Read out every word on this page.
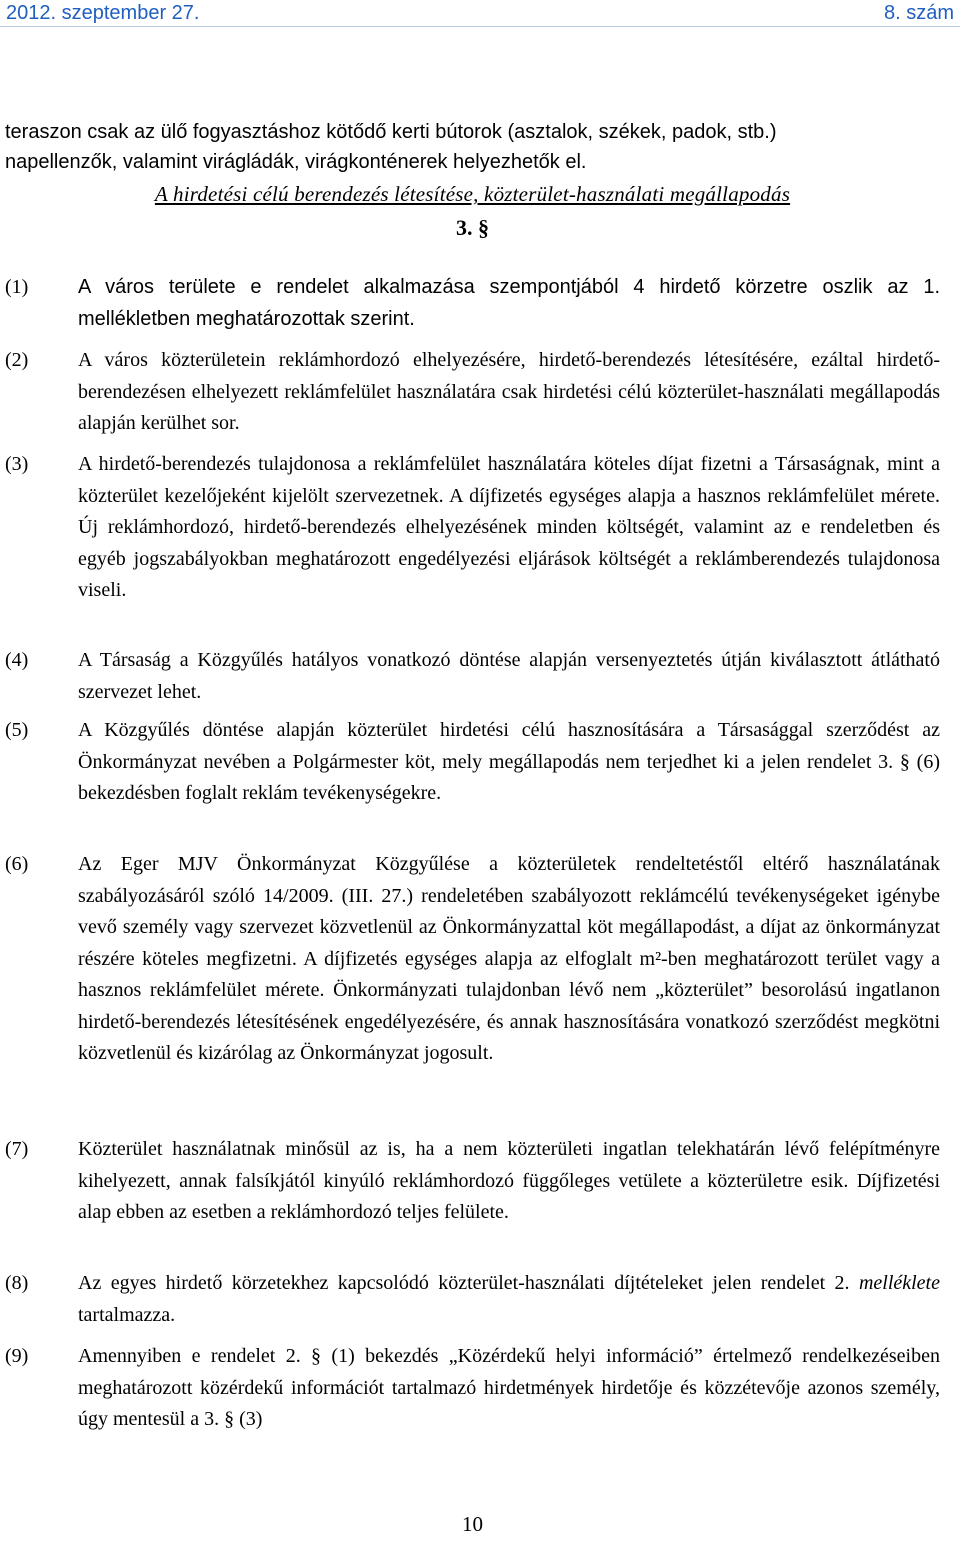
2012. szeptember 27.	8. szám
teraszon csak az ülő fogyasztáshoz kötődő kerti bútorok (asztalok, székek, padok, stb.)
napellenzők, valamint virágládák, virágkonténerek helyezhetők el.
A hirdetési célú berendezés létesítése, közterület-használati megállapodás
3. §
(1)	A város területe e rendelet alkalmazása szempontjából 4 hirdető körzetre oszlik az 1. mellékletben meghatározottak szerint.
(2)	A város közterületein reklámhordozó elhelyezésére, hirdető-berendezés létesítésére, ezáltal hirdető-berendezésen elhelyezett reklámfelület használatára csak hirdetési célú közterület-használati megállapodás alapján kerülhet sor.
(3)	A hirdető-berendezés tulajdonosa a reklámfelület használatára köteles díjat fizetni a Társaságnak, mint a közterület kezelőjeként kijelölt szervezetnek. A díjfizetés egységes alapja a hasznos reklámfelület mérete. Új reklámhordozó, hirdető-berendezés elhelyezésének minden költségét, valamint az e rendeletben és egyéb jogszabályokban meghatározott engedélyezési eljárások költségét a reklámberendezés tulajdonosa viseli.
(4)	A Társaság a Közgyűlés hatályos vonatkozó döntése alapján versenyeztetés útján kiválasztott átlátható szervezet lehet.
(5)	A Közgyűlés döntése alapján közterület hirdetési célú hasznosítására a Társasággal szerződést az Önkormányzat nevében a Polgármester köt, mely megállapodás nem terjedhet ki a jelen rendelet 3. § (6) bekezdésben foglalt reklám tevékenységekre.
(6)	Az Eger MJV Önkormányzat Közgyűlése a közterületek rendeltetéstől eltérő használatának szabályozásáról szóló 14/2009. (III. 27.) rendeletében szabályozott reklámcélú tevékenységeket igénybe vevő személy vagy szervezet közvetlenül az Önkormányzattal köt megállapodást, a díjat az önkormányzat részére köteles megfizetni. A díjfizetés egységes alapja az elfoglalt m²-ben meghatározott terület vagy a hasznos reklámfelület mérete. Önkormányzati tulajdonban lévő nem „közterület” besorolású ingatlanon hirdető-berendezés létesítésének engedélyezésére, és annak hasznosítására vonatkozó szerződést megkötni közvetlenül és kizárólag az Önkormányzat jogosult.
(7)	Közterület használatnak minősül az is, ha a nem közterületi ingatlan telekhatárán lévő felépítményre kihelyezett, annak falsíkjától kinyúló reklámhordozó függőleges vetülete a közterületre esik. Díjfizetési alap ebben az esetben a reklámhordozó teljes felülete.
(8)	Az egyes hirdető körzetekhez kapcsolódó közterület-használati díjtételeket jelen rendelet 2. melléklete tartalmazza.
(9)	Amennyiben e rendelet 2. § (1) bekezdés „Közérdekű helyi információ” értelmező rendelkezéseiben meghatározott közérdekű információt tartalmazó hirdetmények hirdetője és közzétevője azonos személy, úgy mentesül a 3. § (3)
10
